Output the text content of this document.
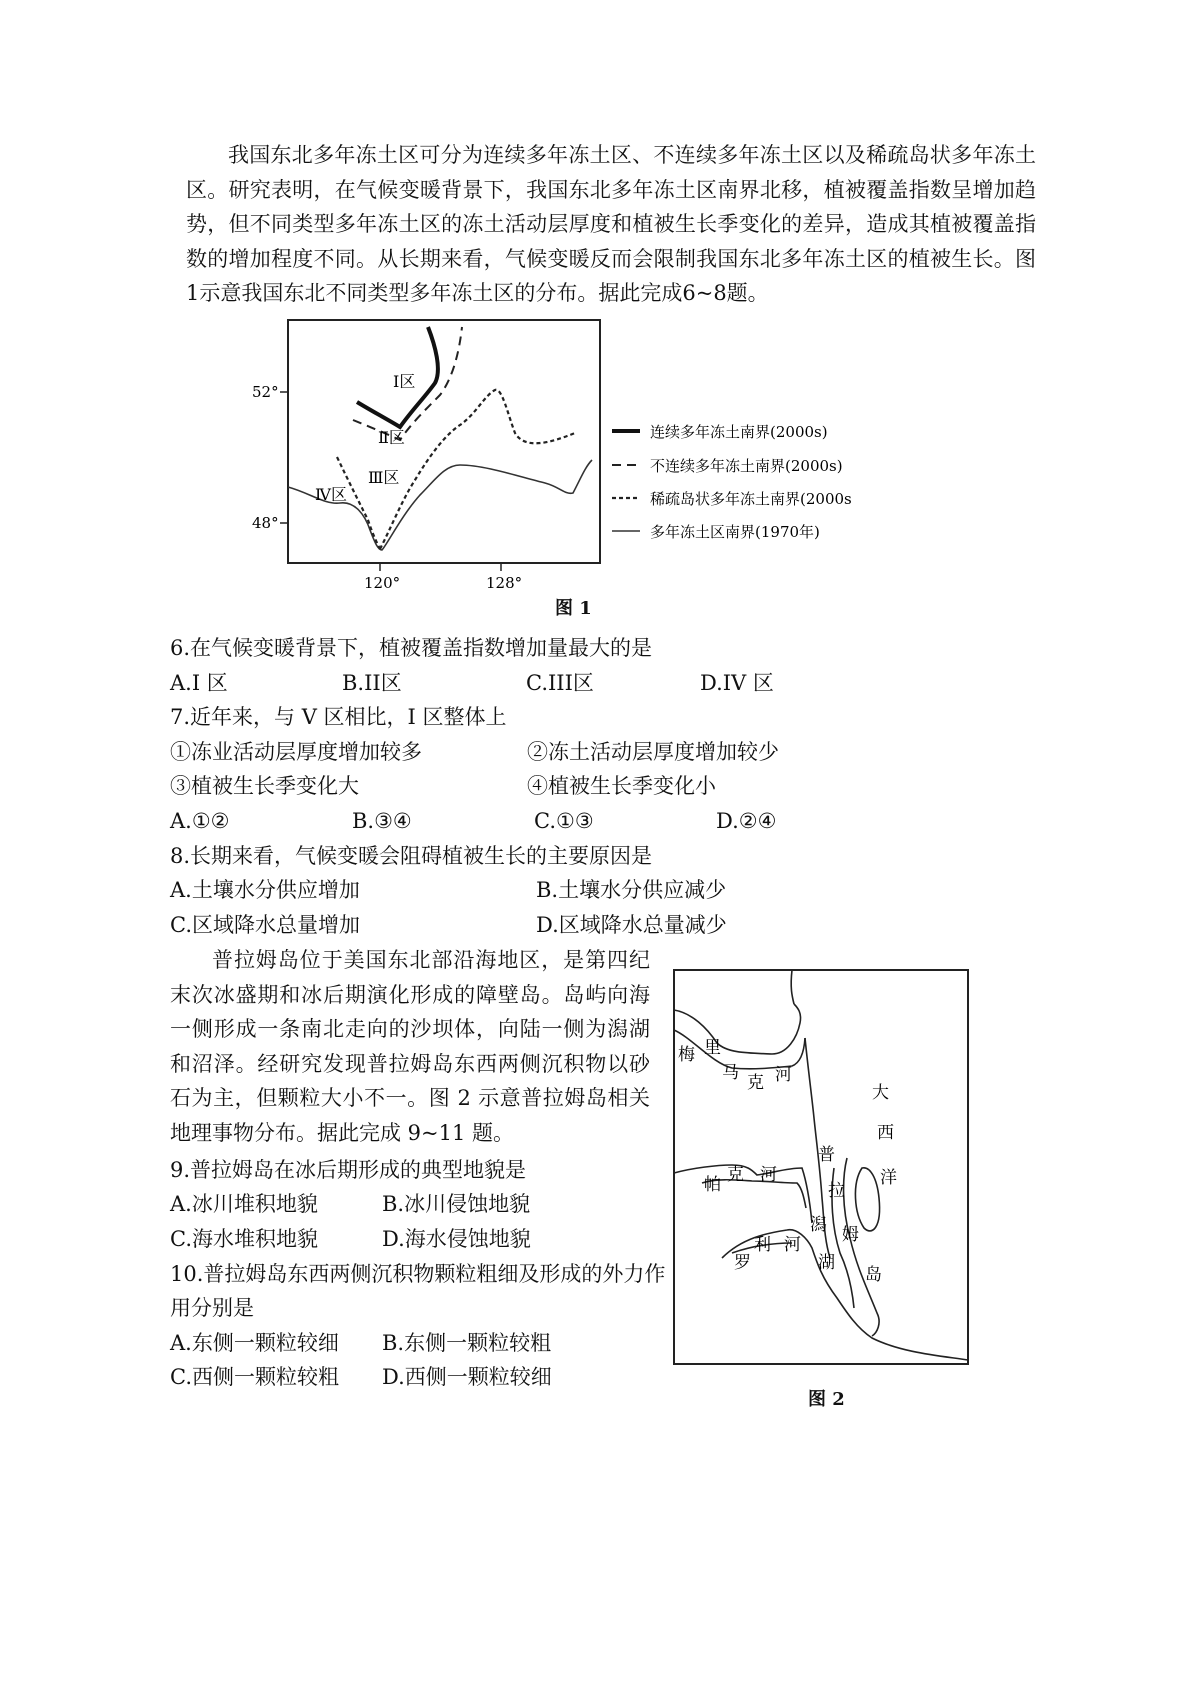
我国东北多年冻土区可分为连续多年冻土区、不连续多年冻土区以及稀疏岛状多年冻土区。研究表明，在气候变暖背景下，我国东北多年冻土区南界北移，植被覆盖指数呈增加趋势，但不同类型多年冻土区的冻土活动层厚度和植被生长季变化的差异，造成其植被覆盖指数的增加程度不同。从长期来看，气候变暖反而会限制我国东北多年冻土区的植被生长。图1示意我国东北不同类型多年冻土区的分布。据此完成6~8题。

52°
48°
120°	128°
Ⅰ区
Ⅱ区
Ⅲ区
Ⅳ区
连续多年冻土南界(2000s)
不连续多年冻土南界(2000s)
稀疏岛状多年冻土南界(2000s
多年冻土区南界(1970年)
图 1
6.在气候变暖背景下，植被覆盖指数增加量最大的是
A.I 区	B.II区	C.III区	D.IV 区
7.近年来，与 V 区相比，I 区整体上
①冻业活动层厚度增加较多	②冻土活动层厚度增加较少
③植被生长季变化大	④植被生长季变化小
A.①②	B.③④	C.①③	D.②④
8.长期来看，气候变暖会阻碍植被生长的主要原因是
A.土壤水分供应增加	B.土壤水分供应减少
C.区域降水总量增加	D.区域降水总量减少

普拉姆岛位于美国东北部沿海地区，是第四纪末次冰盛期和冰后期演化形成的障壁岛。岛屿向海一侧形成一条南北走向的沙坝体，向陆一侧为潟湖和沼泽。经研究发现普拉姆岛东西两侧沉积物以砂石为主，但颗粒大小不一。图 2 示意普拉姆岛相关地理事物分布。据此完成 9~11 题。

9.普拉姆岛在冰后期形成的典型地貌是
A.冰川堆积地貌	B.冰川侵蚀地貌
C.海水堆积地貌	D.海水侵蚀地貌
10.普拉姆岛东西两侧沉积物颗粒粗细及形成的外力作
用分别是
A.东侧一颗粒较细 B.东侧一颗粒较粗
C.西侧一颗粒较粗 D.西侧一颗粒较细
梅 里
马 克 河
大
西
洋
帕 克 河
普
拉
姆
岛
潟
湖
罗
利 河
图 2
